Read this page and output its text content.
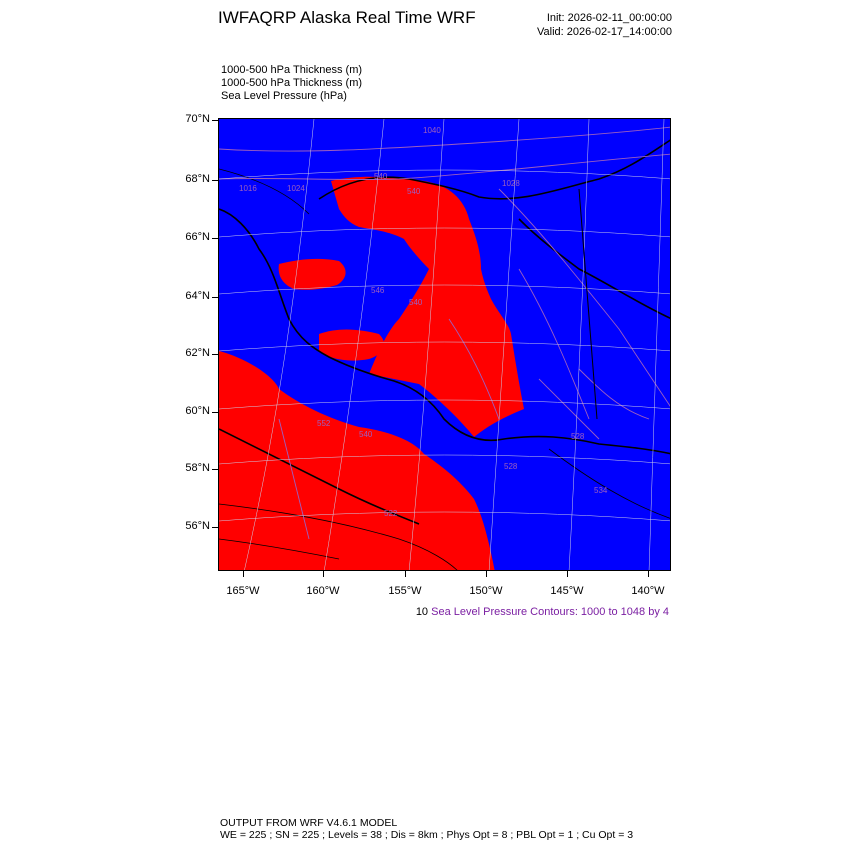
IWFAQRP Alaska Real Time WRF	Init: 2026-02-11_00:00:00
Valid: 2026-02-17_14:00:00
1000-500 hPa Thickness (m)
1000-500 hPa Thickness (m)
Sea Level Pressure (hPa)
1016	1024
1040
1028
540
540
546
540
552
540
528
534
522
528
70°N
68°N
66°N
64°N
62°N
60°N
58°N
56°N
165°W	160°W	155°W	150°W	145°W	140°W
10 Sea Level Pressure Contours: 1000 to 1048 by 4
OUTPUT FROM WRF V4.6.1 MODEL
WE = 225 ; SN = 225 ; Levels = 38 ; Dis = 8km ; Phys Opt = 8 ; PBL Opt = 1 ; Cu Opt = 3
